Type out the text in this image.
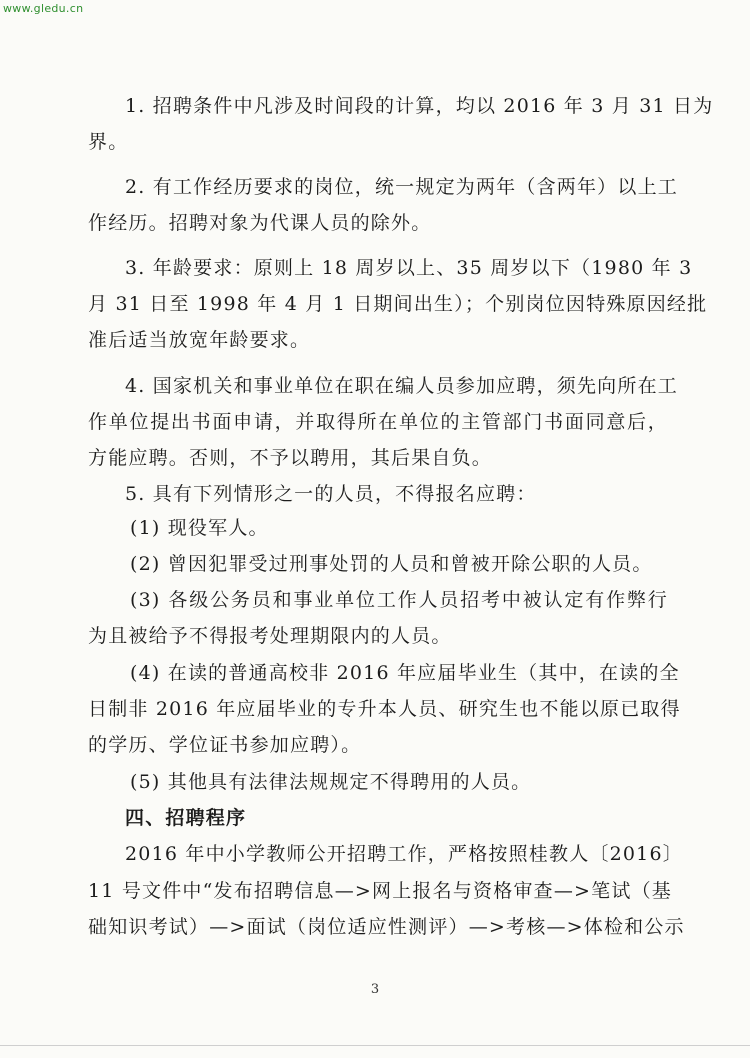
www.gledu.cn
1. 招聘条件中凡涉及时间段的计算，均以 2016 年 3 月 31 日为
界。
2. 有工作经历要求的岗位，统一规定为两年（含两年）以上工
作经历。招聘对象为代课人员的除外。
3. 年龄要求：原则上 18 周岁以上、35 周岁以下（1980 年 3
月 31 日至 1998 年 4 月 1 日期间出生）；个别岗位因特殊原因经批
准后适当放宽年龄要求。
4. 国家机关和事业单位在职在编人员参加应聘，须先向所在工
作单位提出书面申请，并取得所在单位的主管部门书面同意后，
方能应聘。否则，不予以聘用，其后果自负。
5. 具有下列情形之一的人员，不得报名应聘：
(1) 现役军人。
(2) 曾因犯罪受过刑事处罚的人员和曾被开除公职的人员。
(3) 各级公务员和事业单位工作人员招考中被认定有作弊行
为且被给予不得报考处理期限内的人员。
(4) 在读的普通高校非 2016 年应届毕业生（其中，在读的全
日制非 2016 年应届毕业的专升本人员、研究生也不能以原已取得
的学历、学位证书参加应聘）。
(5) 其他具有法律法规规定不得聘用的人员。
四、招聘程序
2016 年中小学教师公开招聘工作，严格按照桂教人〔2016〕
11 号文件中“发布招聘信息—>网上报名与资格审查—>笔试（基
础知识考试）—>面试（岗位适应性测评）—>考核—>体检和公示
3
